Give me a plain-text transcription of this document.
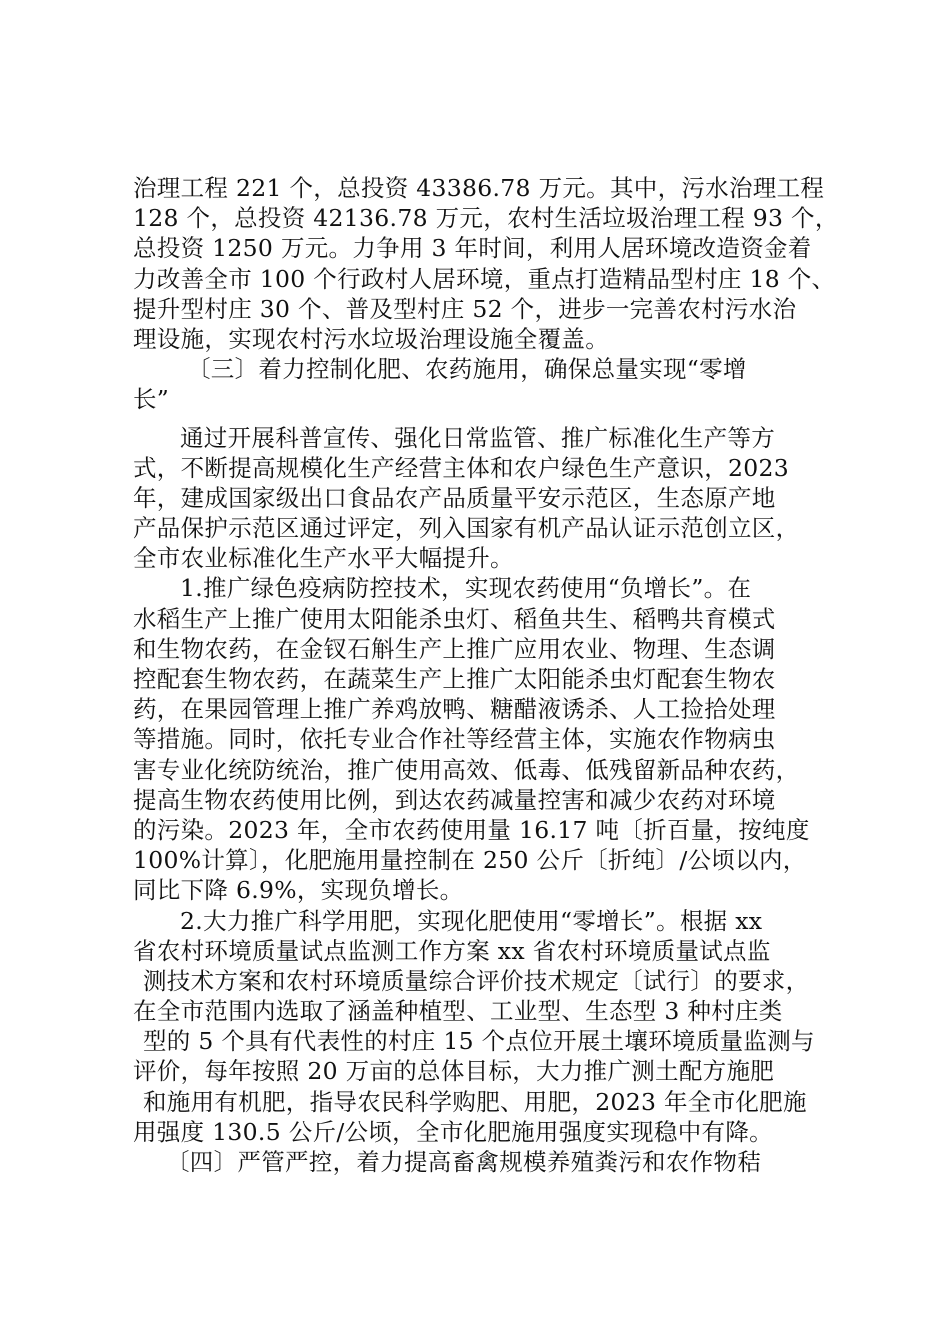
治理工程 221 个，总投资 43386.78 万元。其中，污水治理工程
128 个，总投资 42136.78 万元，农村生活垃圾治理工程 93 个，
总投资 1250 万元。力争用 3 年时间，利用人居环境改造资金着
力改善全市 100 个行政村人居环境，重点打造精品型村庄 18 个、
提升型村庄 30 个、普及型村庄 52 个，进步一完善农村污水治
理设施，实现农村污水垃圾治理设施全覆盖。
〔三〕着力控制化肥、农药施用，确保总量实现“零增
长”
通过开展科普宣传、强化日常监管、推广标准化生产等方
式，不断提高规模化生产经营主体和农户绿色生产意识，2023
年，建成国家级出口食品农产品质量平安示范区，生态原产地
产品保护示范区通过评定，列入国家有机产品认证示范创立区，
全市农业标准化生产水平大幅提升。
1.推广绿色疫病防控技术，实现农药使用“负增长”。在
水稻生产上推广使用太阳能杀虫灯、稻鱼共生、稻鸭共育模式
和生物农药，在金钗石斛生产上推广应用农业、物理、生态调
控配套生物农药，在蔬菜生产上推广太阳能杀虫灯配套生物农
药，在果园管理上推广养鸡放鸭、糖醋液诱杀、人工捡拾处理
等措施。同时，依托专业合作社等经营主体，实施农作物病虫
害专业化统防统治，推广使用高效、低毒、低残留新品种农药，
提高生物农药使用比例，到达农药减量控害和减少农药对环境
的污染。2023 年，全市农药使用量 16.17 吨〔折百量，按纯度
100%计算〕，化肥施用量控制在 250 公斤〔折纯〕/公顷以内，
同比下降 6.9%，实现负增长。
2.大力推广科学用肥，实现化肥使用“零增长”。根据 xx
省农村环境质量试点监测工作方案 xx 省农村环境质量试点监
测技术方案和农村环境质量综合评价技术规定〔试行〕的要求，
在全市范围内选取了涵盖种植型、工业型、生态型 3 种村庄类
型的 5 个具有代表性的村庄 15 个点位开展土壤环境质量监测与
评价，每年按照 20 万亩的总体目标，大力推广测土配方施肥
和施用有机肥，指导农民科学购肥、用肥，2023 年全市化肥施
用强度 130.5 公斤/公顷，全市化肥施用强度实现稳中有降。
〔四〕严管严控，着力提高畜禽规模养殖粪污和农作物秸
